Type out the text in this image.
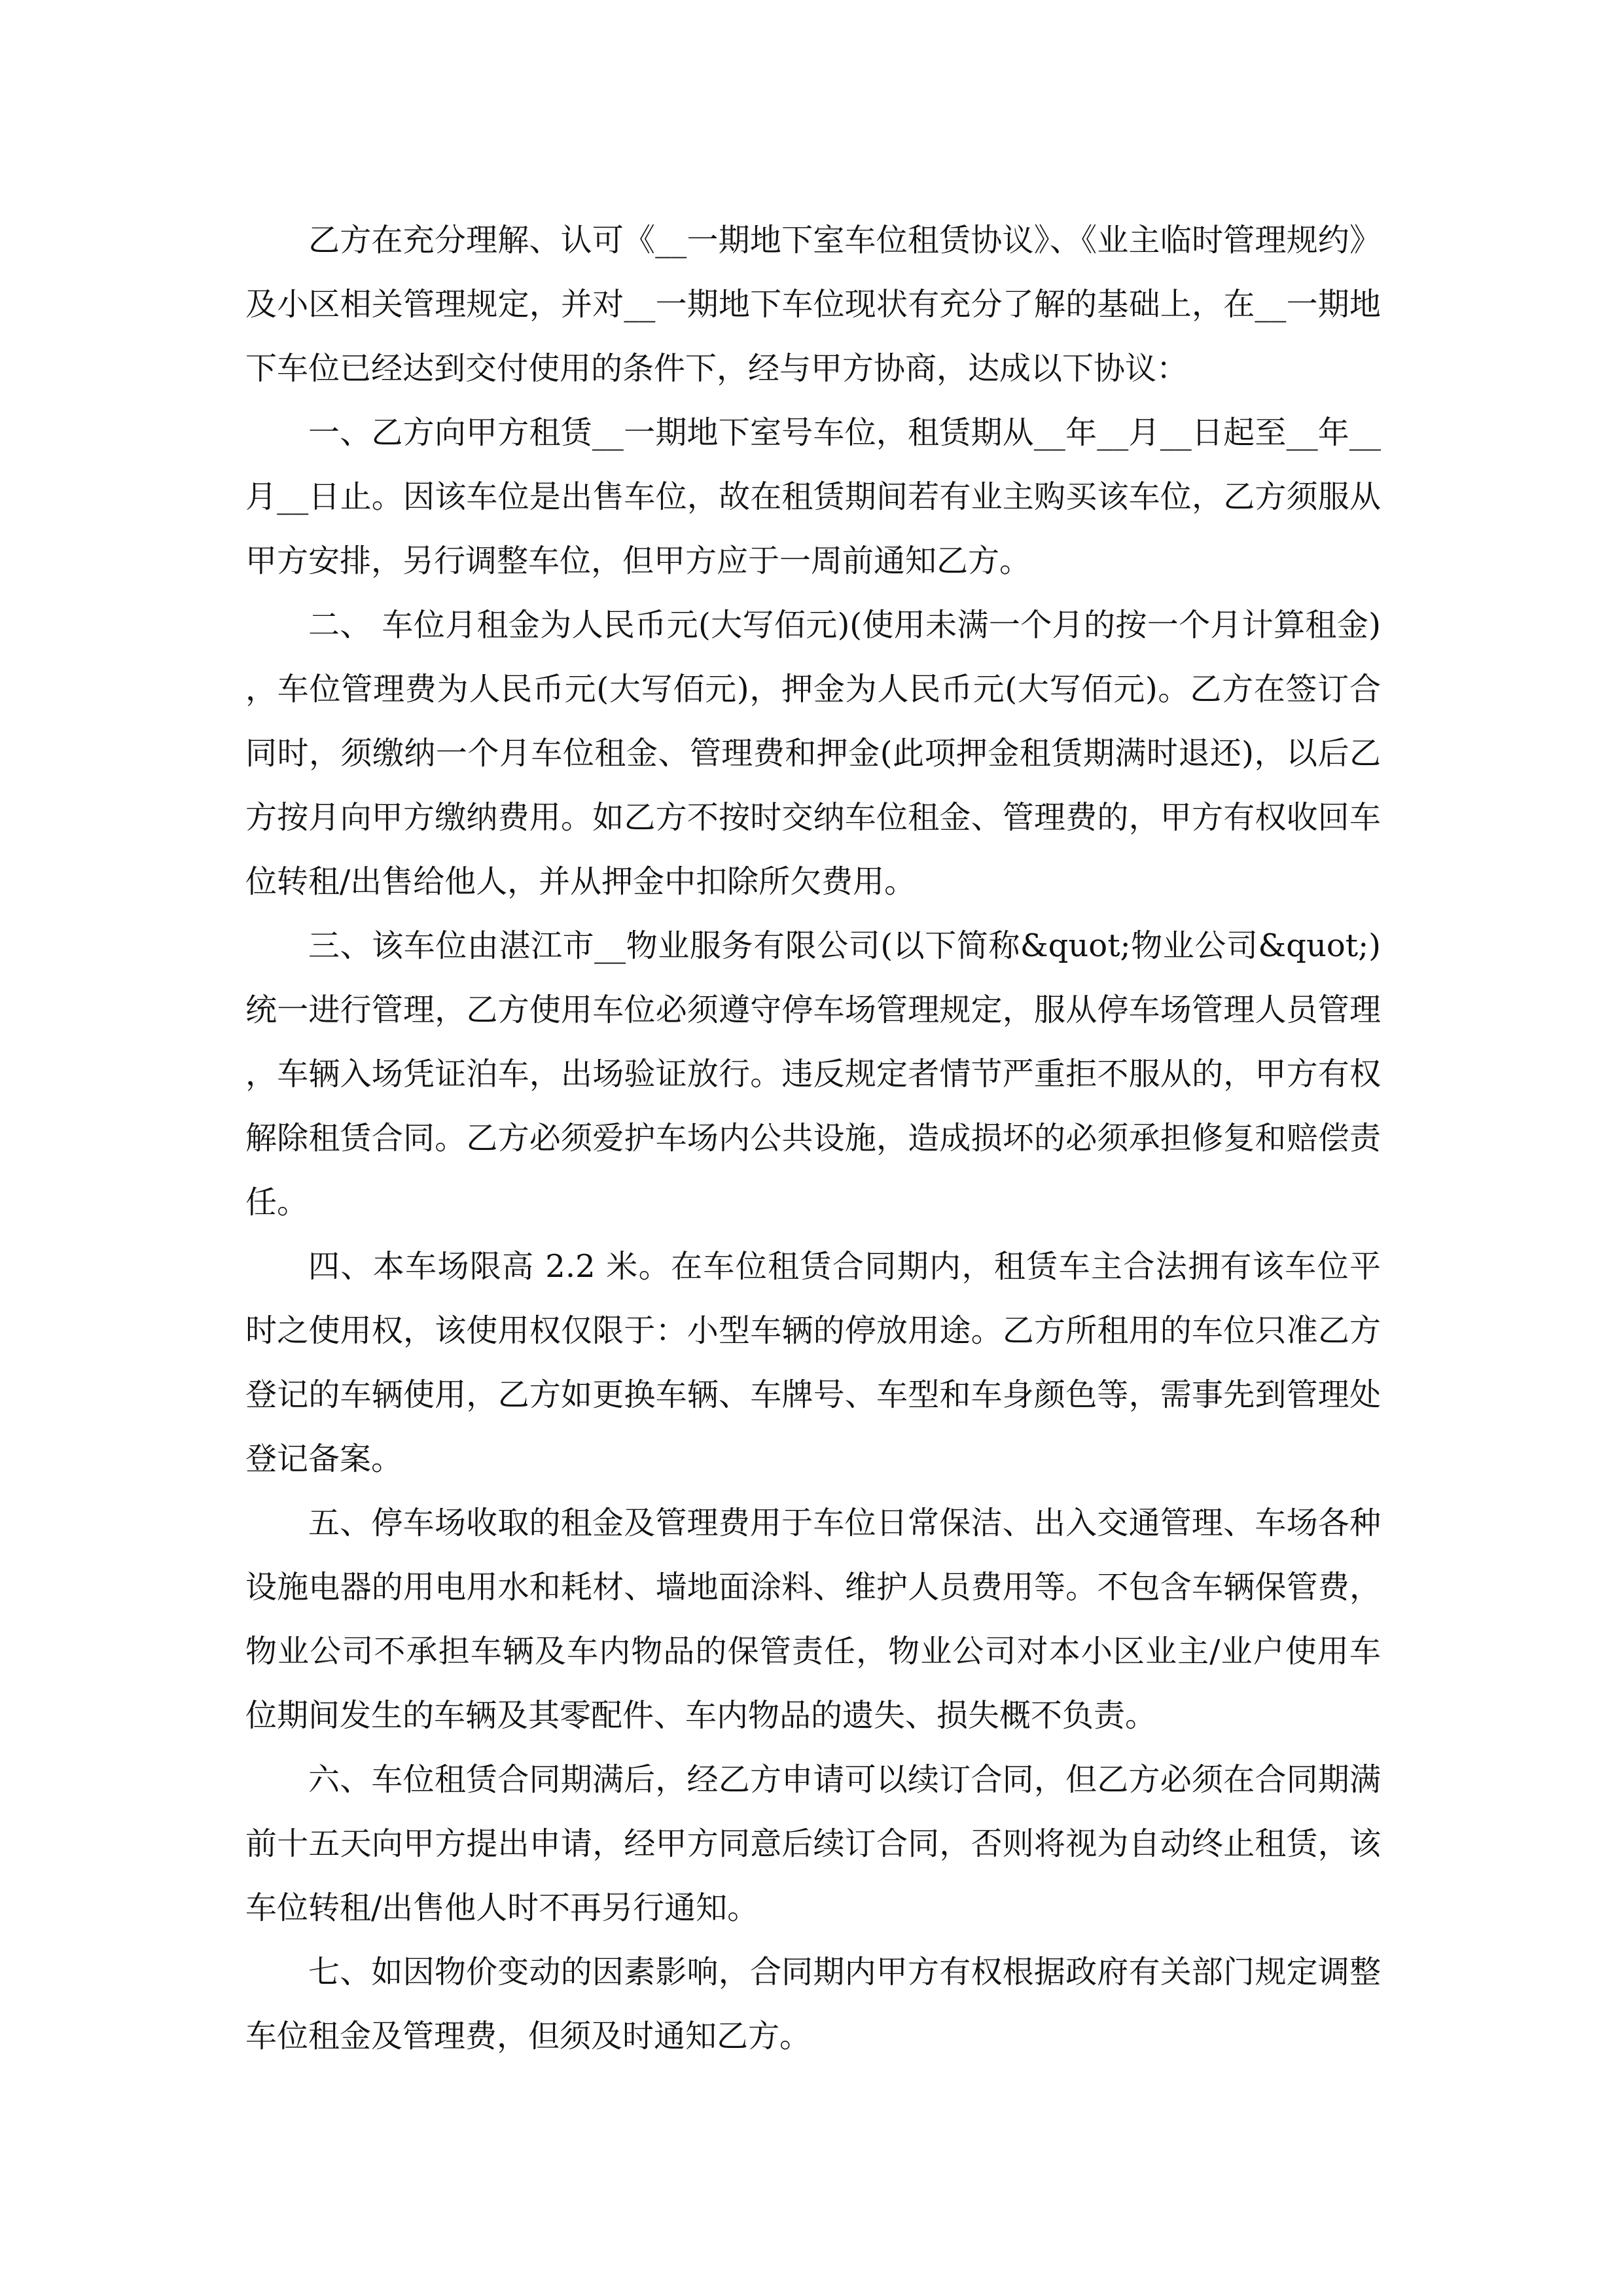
乙方在充分理解、认可《__一期地下室车位租赁协议》、《业主临时管理规约》及小区相关管理规定，并对__一期地下车位现状有充分了解的基础上，在__一期地下车位已经达到交付使用的条件下，经与甲方协商，达成以下协议：

一、乙方向甲方租赁__一期地下室号车位，租赁期从__年__月__日起至__年__月__日止。因该车位是出售车位，故在租赁期间若有业主购买该车位，乙方须服从甲方安排，另行调整车位，但甲方应于一周前通知乙方。

二、 车位月租金为人民币元(大写佰元)(使用未满一个月的按一个月计算租金)，车位管理费为人民币元(大写佰元)，押金为人民币元(大写佰元)。乙方在签订合同时，须缴纳一个月车位租金、管理费和押金(此项押金租赁期满时退还)，以后乙方按月向甲方缴纳费用。如乙方不按时交纳车位租金、管理费的，甲方有权收回车位转租/出售给他人，并从押金中扣除所欠费用。

三、该车位由湛江市__物业服务有限公司(以下简称&quot;物业公司&quot;)统一进行管理，乙方使用车位必须遵守停车场管理规定，服从停车场管理人员管理，车辆入场凭证泊车，出场验证放行。违反规定者情节严重拒不服从的，甲方有权解除租赁合同。乙方必须爱护车场内公共设施，造成损坏的必须承担修复和赔偿责任。

四、本车场限高 2.2 米。在车位租赁合同期内，租赁车主合法拥有该车位平时之使用权，该使用权仅限于：小型车辆的停放用途。乙方所租用的车位只准乙方登记的车辆使用，乙方如更换车辆、车牌号、车型和车身颜色等，需事先到管理处登记备案。

五、停车场收取的租金及管理费用于车位日常保洁、出入交通管理、车场各种设施电器的用电用水和耗材、墙地面涂料、维护人员费用等。不包含车辆保管费，物业公司不承担车辆及车内物品的保管责任，物业公司对本小区业主/业户使用车位期间发生的车辆及其零配件、车内物品的遗失、损失概不负责。

六、车位租赁合同期满后，经乙方申请可以续订合同，但乙方必须在合同期满前十五天向甲方提出申请，经甲方同意后续订合同，否则将视为自动终止租赁，该车位转租/出售他人时不再另行通知。

七、如因物价变动的因素影响，合同期内甲方有权根据政府有关部门规定调整车位租金及管理费，但须及时通知乙方。
